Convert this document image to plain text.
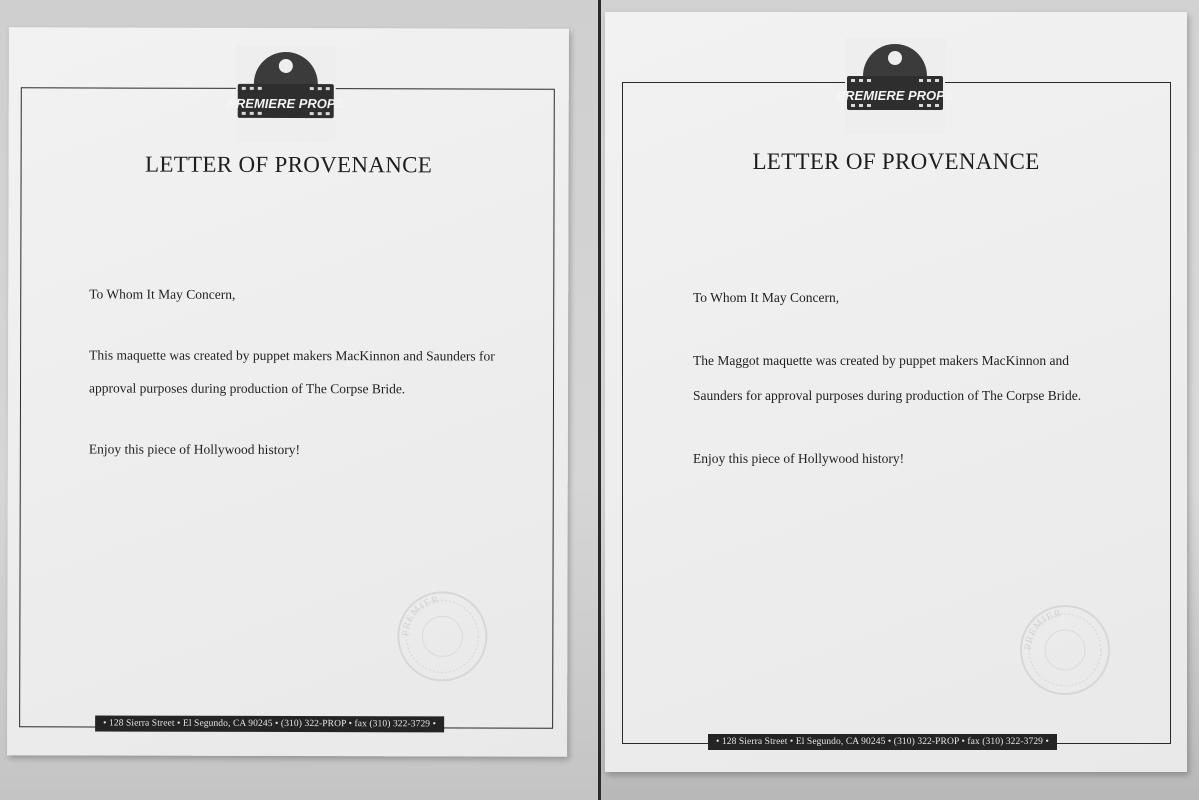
PREMIERE PROPS
LETTER OF PROVENANCE

To Whom It May Concern,

This maquette was created by puppet makers MacKinnon and Saunders for approval purposes during production of The Corpse Bride.

Enjoy this piece of Hollywood history!

PREMIER
• 128 Sierra Street • El Segundo, CA 90245 • (310) 322-PROP • fax (310) 322-3729 •
PREMIERE PROPS
LETTER OF PROVENANCE

To Whom It May Concern,

The Maggot maquette was created by puppet makers MacKinnon and Saunders for approval purposes during production of The Corpse Bride.

Enjoy this piece of Hollywood history!

PREMIER
• 128 Sierra Street • El Segundo, CA 90245 • (310) 322-PROP • fax (310) 322-3729 •
